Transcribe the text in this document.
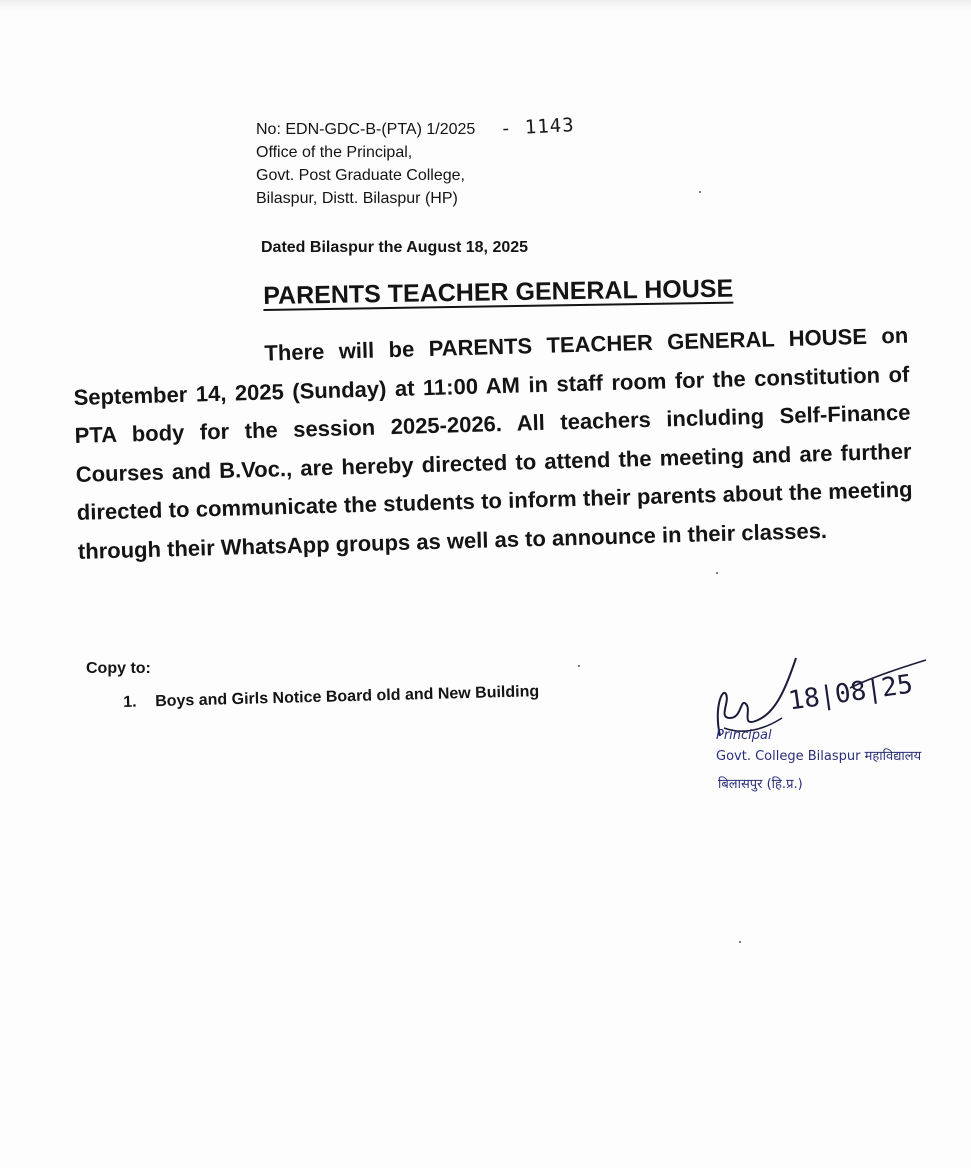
No: EDN-GDC-B-(PTA) 1/2025 - 1143
Office of the Principal,
Govt. Post Graduate College,
Bilaspur, Distt. Bilaspur (HP)
Dated Bilaspur the August 18, 2025
PARENTS TEACHER GENERAL HOUSE
There will be PARENTS TEACHER GENERAL HOUSE on September 14, 2025 (Sunday) at 11:00 AM in staff room for the constitution of PTA body for the session 2025-2026. All teachers including Self-Finance Courses and B.Voc., are hereby directed to attend the meeting and are further directed to communicate the students to inform their parents about the meeting through their WhatsApp groups as well as to announce in their classes.
Copy to:
1. Boys and Girls Notice Board old and New Building	18|08|25
Principal
Govt. College Bilaspur महाविद्यालय
बिलासपुर (हि.प्र.)
